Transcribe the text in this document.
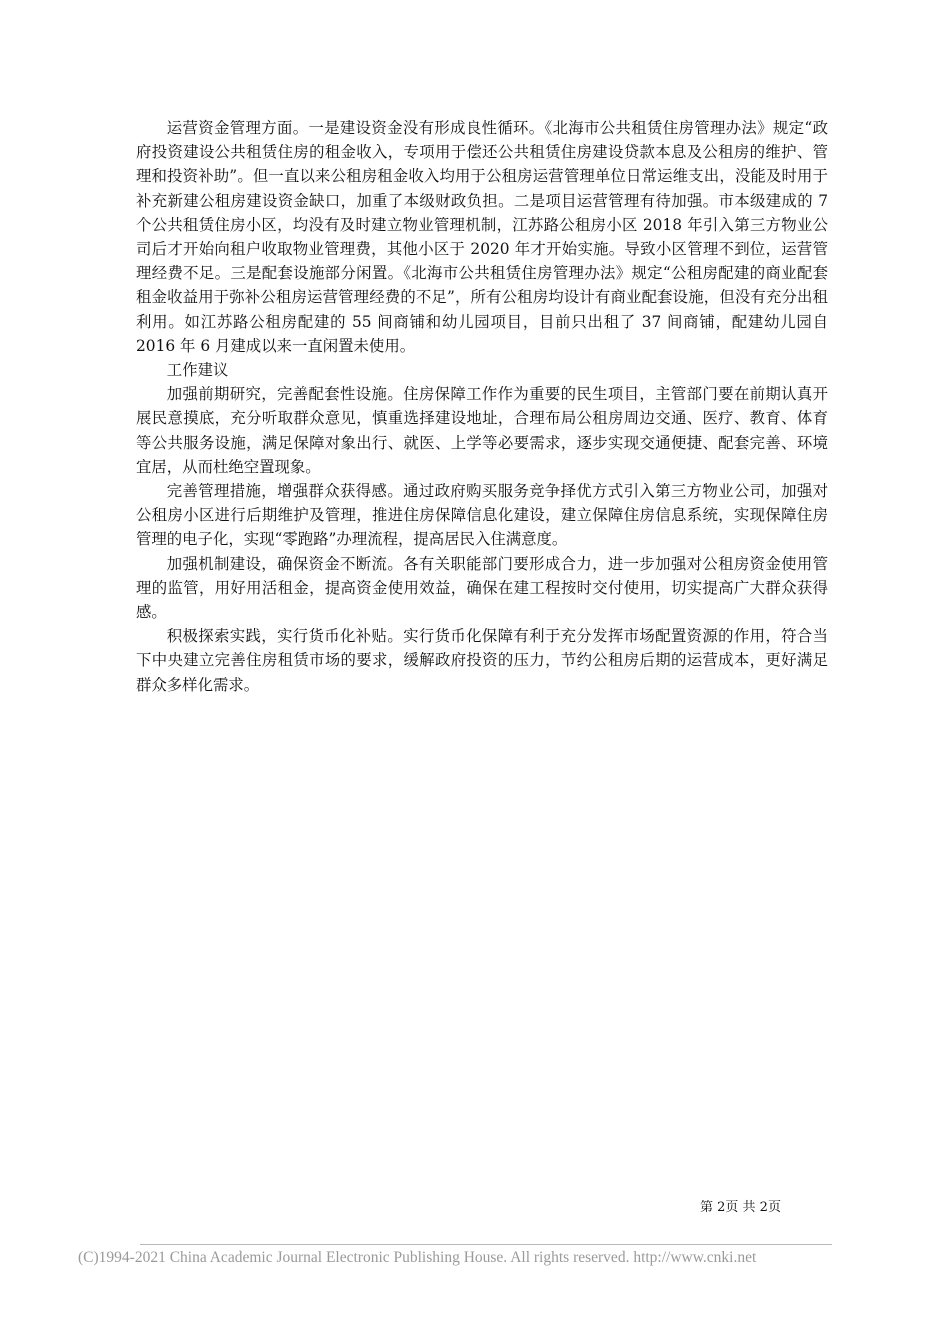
运营资金管理方面。一是建设资金没有形成良性循环。《北海市公共租赁住房管理办法》规定“政府投资建设公共租赁住房的租金收入，专项用于偿还公共租赁住房建设贷款本息及公租房的维护、管理和投资补助”。但一直以来公租房租金收入均用于公租房运营管理单位日常运维支出，没能及时用于补充新建公租房建设资金缺口，加重了本级财政负担。二是项目运营管理有待加强。市本级建成的 7 个公共租赁住房小区，均没有及时建立物业管理机制，江苏路公租房小区 2018 年引入第三方物业公司后才开始向租户收取物业管理费，其他小区于 2020 年才开始实施。导致小区管理不到位，运营管理经费不足。三是配套设施部分闲置。《北海市公共租赁住房管理办法》规定“公租房配建的商业配套租金收益用于弥补公租房运营管理经费的不足”，所有公租房均设计有商业配套设施，但没有充分出租利用。如江苏路公租房配建的 55 间商铺和幼儿园项目，目前只出租了 37 间商铺，配建幼儿园自 2016 年 6 月建成以来一直闲置未使用。

工作建议

加强前期研究，完善配套性设施。住房保障工作作为重要的民生项目，主管部门要在前期认真开展民意摸底，充分听取群众意见，慎重选择建设地址，合理布局公租房周边交通、医疗、教育、体育等公共服务设施，满足保障对象出行、就医、上学等必要需求，逐步实现交通便捷、配套完善、环境宜居，从而杜绝空置现象。

完善管理措施，增强群众获得感。通过政府购买服务竞争择优方式引入第三方物业公司，加强对公租房小区进行后期维护及管理，推进住房保障信息化建设，建立保障住房信息系统，实现保障住房管理的电子化，实现“零跑路”办理流程，提高居民入住满意度。

加强机制建设，确保资金不断流。各有关职能部门要形成合力，进一步加强对公租房资金使用管理的监管，用好用活租金，提高资金使用效益，确保在建工程按时交付使用，切实提高广大群众获得感。

积极探索实践，实行货币化补贴。实行货币化保障有利于充分发挥市场配置资源的作用，符合当下中央建立完善住房租赁市场的要求，缓解政府投资的压力，节约公租房后期的运营成本，更好满足群众多样化需求。

第 2页 共 2页
(C)1994-2021 China Academic Journal Electronic Publishing House. All rights reserved. http://www.cnki.net
